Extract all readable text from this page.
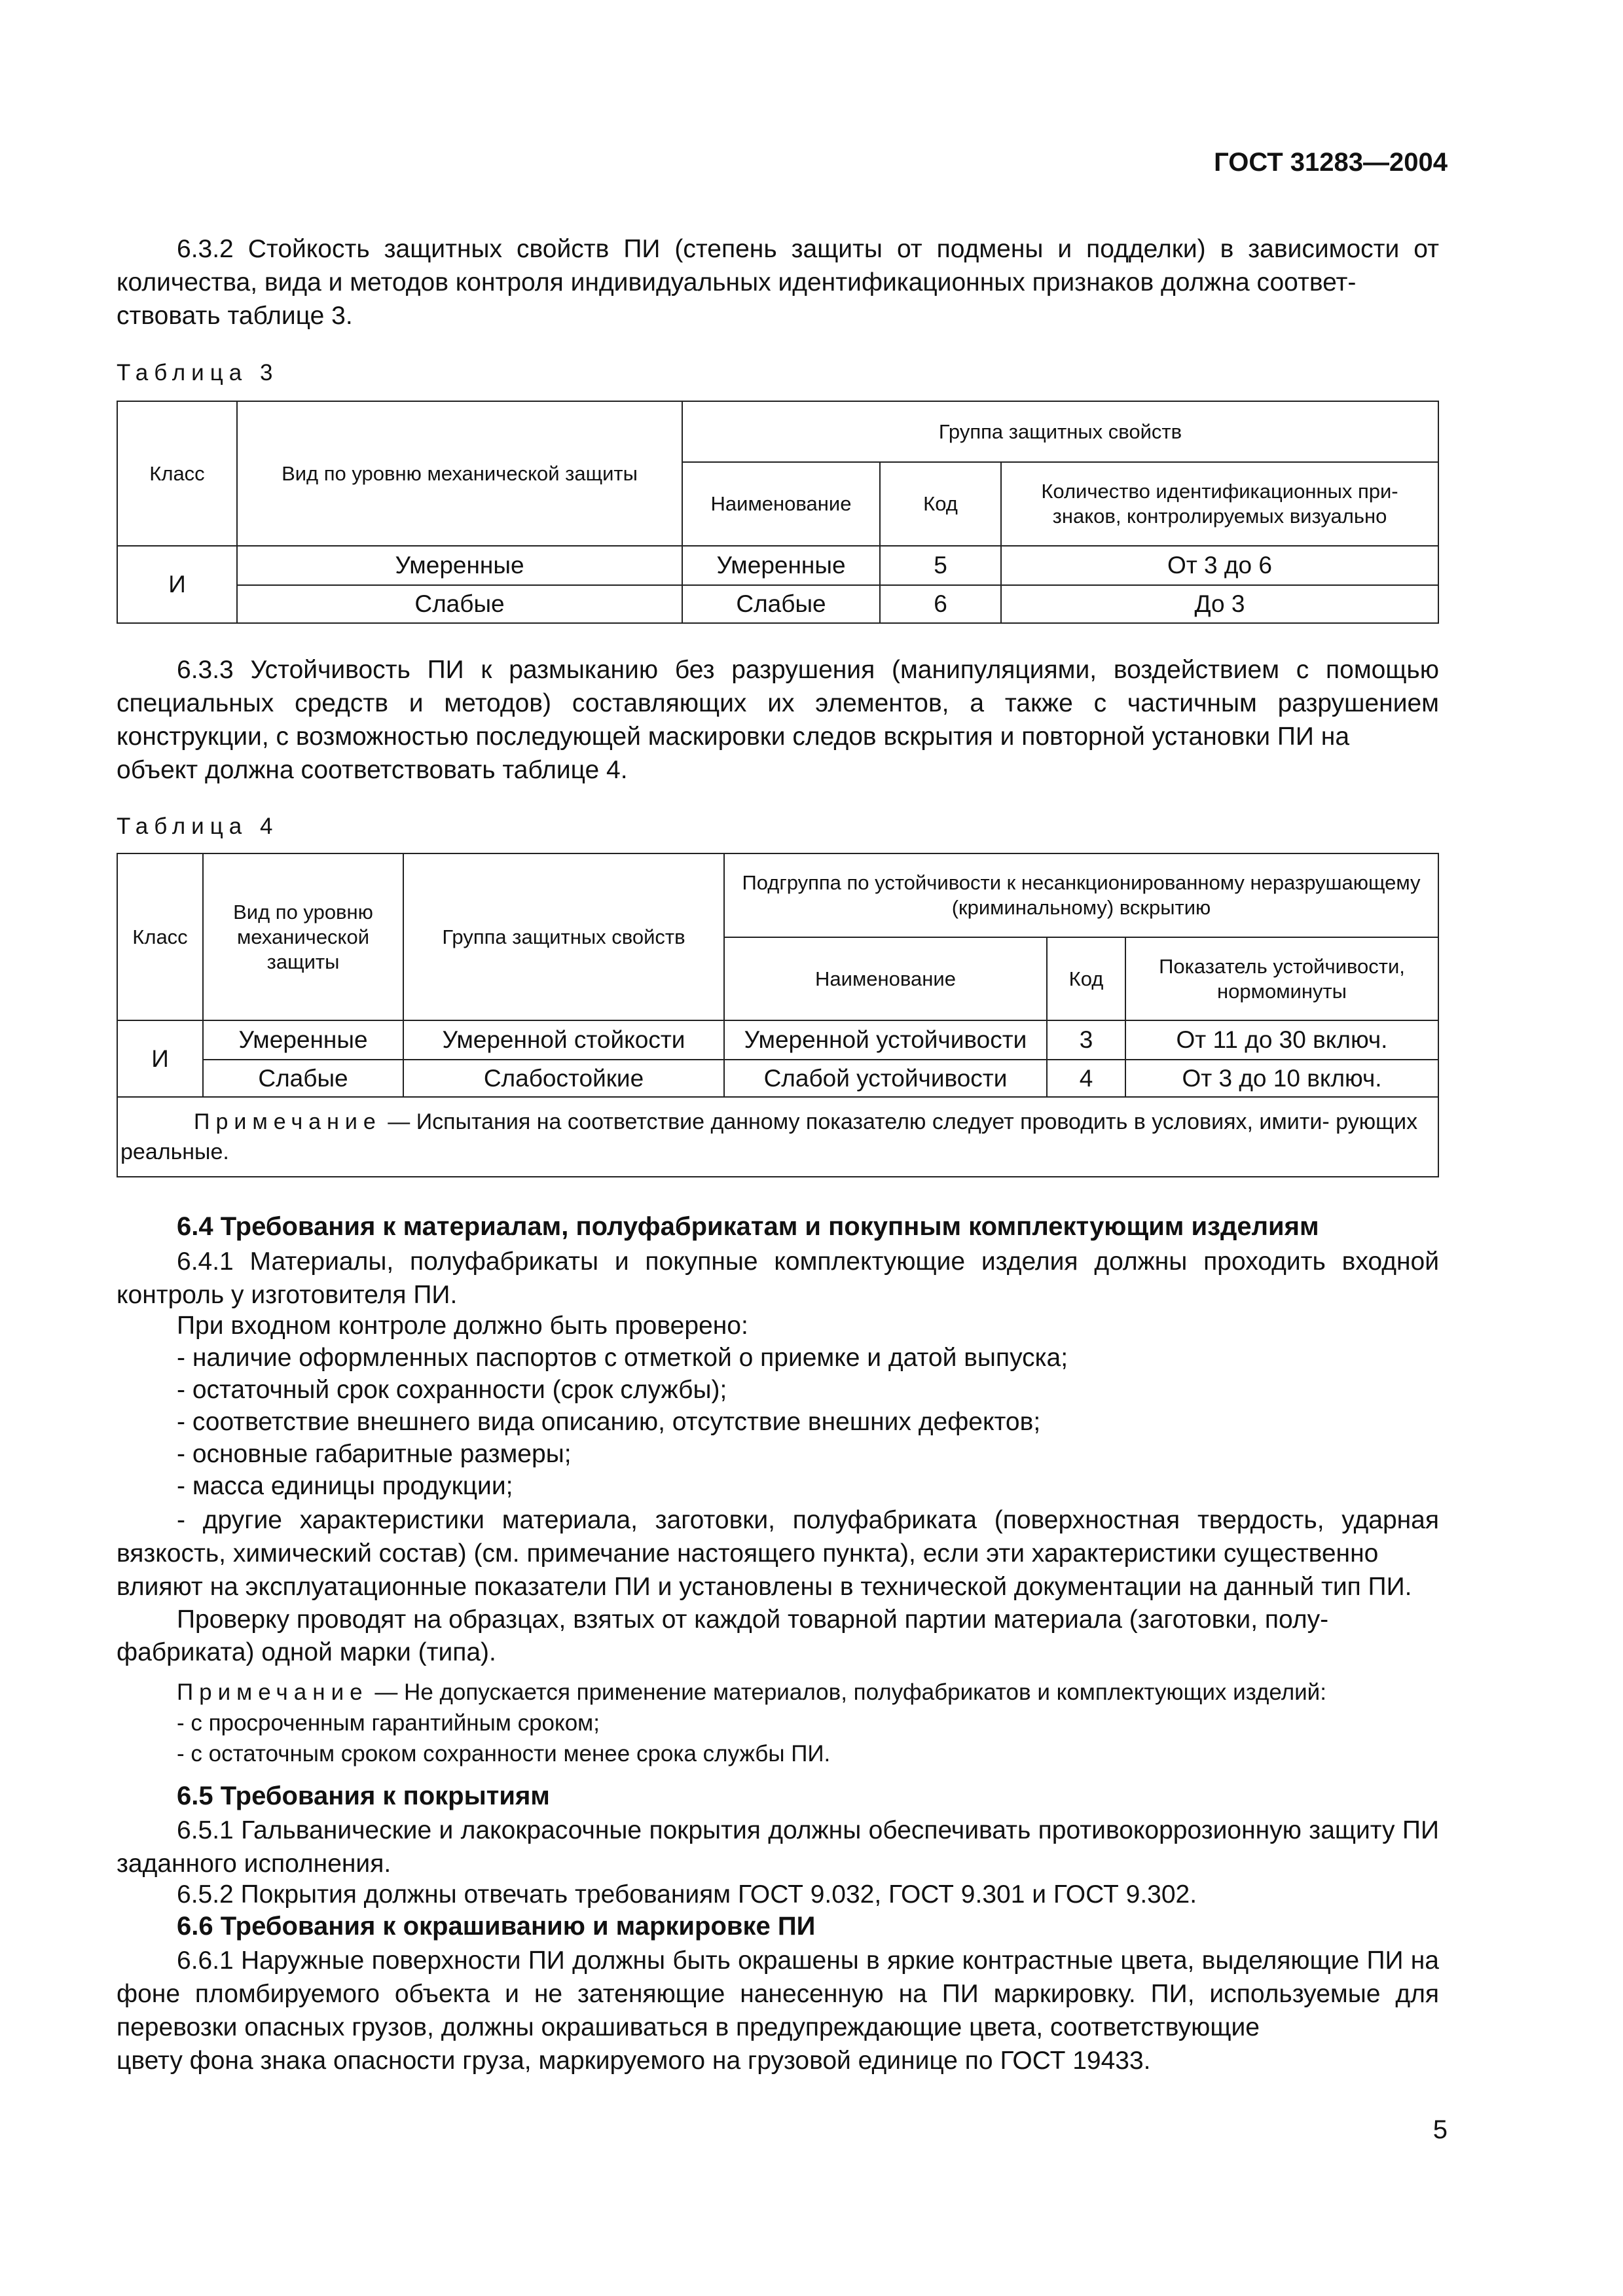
ГОСТ 31283—2004

6.3.2 Стойкость защитных свойств ПИ (степень защиты от подмены и подделки) в зависимости от количества, вида и методов контроля индивидуальных идентификационных признаков должна соответ-

ствовать таблице 3.

Таблица 3
Класс	Вид по уровню механической защиты	Группа защитных свойств		
		Наименование	Код	Количество идентификационных при- знаков, контролируемых визуально
И	Умеренные	Умеренные	5	От 3 до 6
	Слабые	Слабые	6	До 3

6.3.3 Устойчивость ПИ к размыканию без разрушения (манипуляциями, воздействием с помощью специальных средств и методов) составляющих их элементов, а также с частичным разрушением конструкции, с возможностью последующей маскировки следов вскрытия и повторной установки ПИ на

объект должна соответствовать таблице 4.

Таблица 4
Класс	Вид по уровню механической защиты	Группа защитных свойств	Подгруппа по устойчивости к несанкционированному неразрушающему (криминальному) вскрытию		
			Наименование	Код	Показатель устойчивости, нормоминуты
И	Умеренные	Умеренной стойкости	Умеренной устойчивости	3	От 11 до 30 включ.
	Слабые	Слабостойкие	Слабой устойчивости	4	От 3 до 10 включ.
Примечание — Испытания на соответствие данному показателю следует проводить в условиях, имити- рующих реальные.					
6.4 Требования к материалам, полуфабрикатам и покупным комплектующим изделиям

6.4.1 Материалы, полуфабрикаты и покупные комплектующие изделия должны проходить входной контроль у изготовителя ПИ.

При входном контроле должно быть проверено:
- наличие оформленных паспортов с отметкой о приемке и датой выпуска;
- остаточный срок сохранности (срок службы);
- соответствие внешнего вида описанию, отсутствие внешних дефектов;
- основные габаритные размеры;
- масса единицы продукции;

- другие характеристики материала, заготовки, полуфабриката (поверхностная твердость, ударная вязкость, химический состав) (см. примечание настоящего пункта), если эти характеристики существенно

влияют на эксплуатационные показатели ПИ и установлены в технической документации на данный тип ПИ.

Проверку проводят на образцах, взятых от каждой товарной партии материала (заготовки, полу-

фабриката) одной марки (типа).

Примечание — Не допускается применение материалов, полуфабрикатов и комплектующих изделий:
- с просроченным гарантийным сроком;
- с остаточным сроком сохранности менее срока службы ПИ.
6.5 Требования к покрытиям

6.5.1 Гальванические и лакокрасочные покрытия должны обеспечивать противокоррозионную защиту ПИ заданного исполнения.

6.5.2 Покрытия должны отвечать требованиям ГОСТ 9.032, ГОСТ 9.301 и ГОСТ 9.302.
6.6 Требования к окрашиванию и маркировке ПИ

6.6.1 Наружные поверхности ПИ должны быть окрашены в яркие контрастные цвета, выделяющие ПИ на фоне пломбируемого объекта и не затеняющие нанесенную на ПИ маркировку. ПИ, используемые для перевозки опасных грузов, должны окрашиваться в предупреждающие цвета, соответствующие

цвету фона знака опасности груза, маркируемого на грузовой единице по ГОСТ 19433.

5
